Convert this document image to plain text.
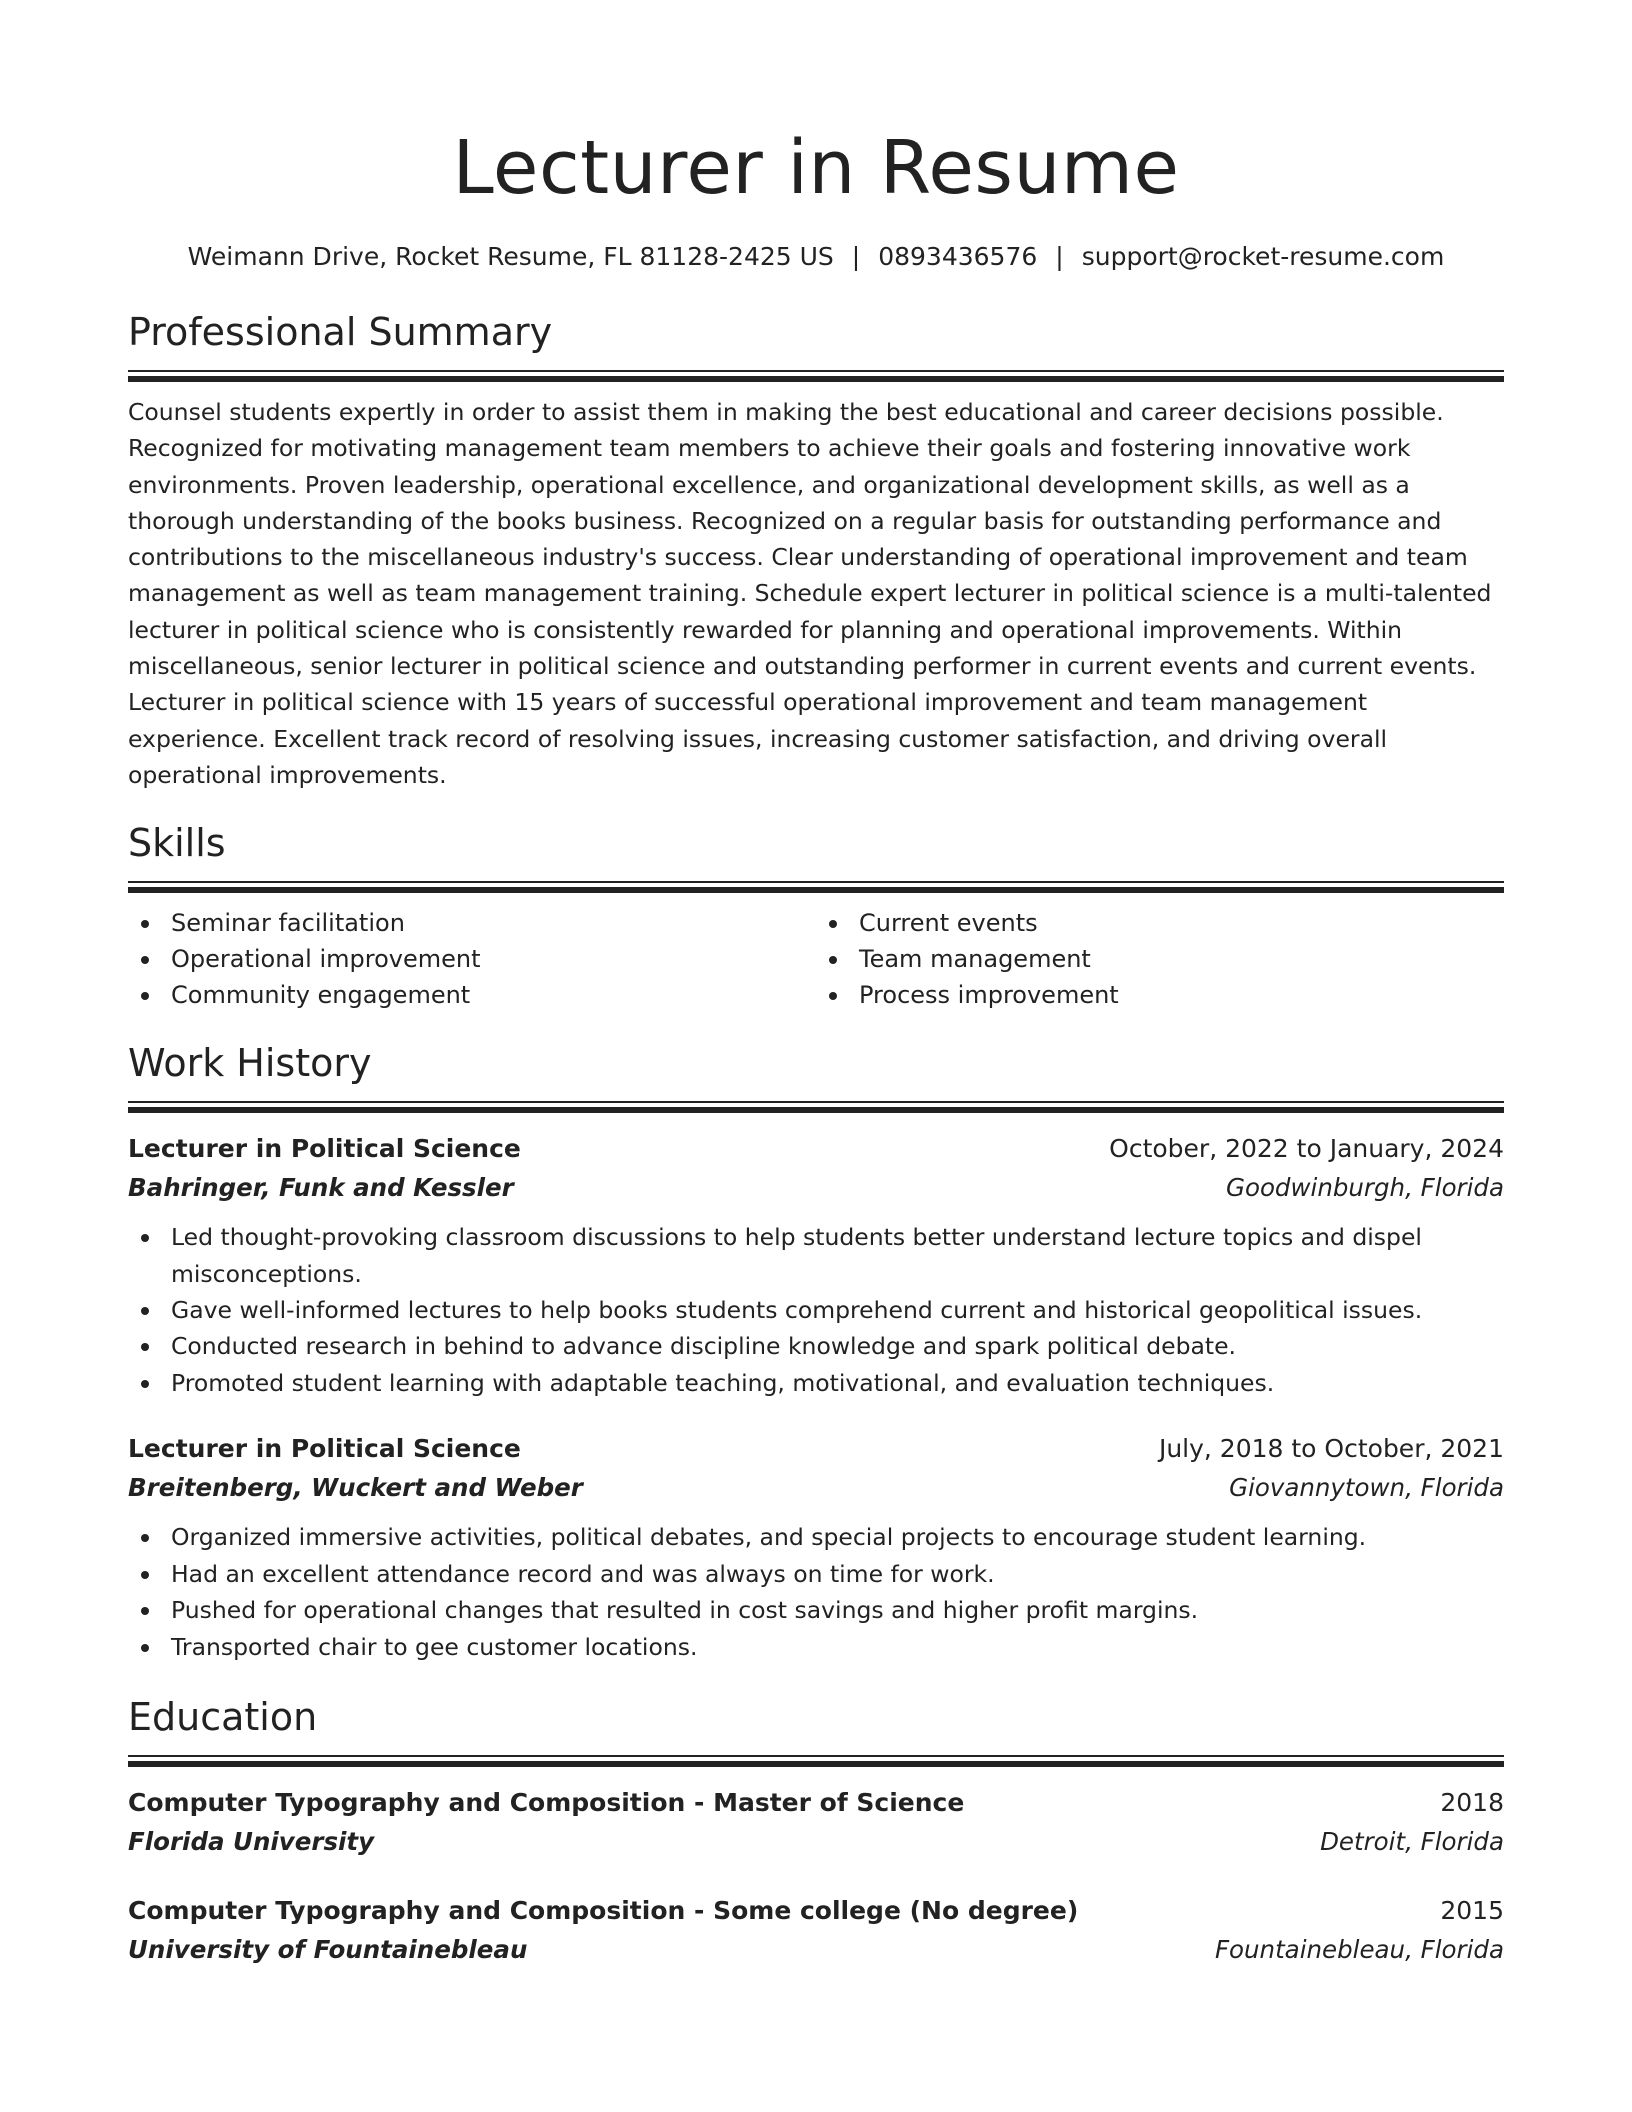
Lecturer in Resume
Weimann Drive, Rocket Resume, FL 81128-2425 US | 0893436576 | support@rocket-resume.com
Professional Summary

Counsel students expertly in order to assist them in making the best educational and career decisions possible. Recognized for motivating management team members to achieve their goals and fostering innovative work environments. Proven leadership, operational excellence, and organizational development skills, as well as a thorough understanding of the books business. Recognized on a regular basis for outstanding performance and contributions to the miscellaneous industry's success. Clear understanding of operational improvement and team management as well as team management training. Schedule expert lecturer in political science is a multi-talented lecturer in political science who is consistently rewarded for planning and operational improvements. Within miscellaneous, senior lecturer in political science and outstanding performer in current events and current events. Lecturer in political science with 15 years of successful operational improvement and team management experience. Excellent track record of resolving issues, increasing customer satisfaction, and driving overall operational improvements.

Skills
Seminar facilitation
Operational improvement
Community engagement
Current events
Team management
Process improvement
Work History
Lecturer in Political Science	October, 2022 to January, 2024
Bahringer, Funk and Kessler	Goodwinburgh, Florida
Led thought-provoking classroom discussions to help students better understand lecture topics and dispel misconceptions.
Gave well-informed lectures to help books students comprehend current and historical geopolitical issues.
Conducted research in behind to advance discipline knowledge and spark political debate.
Promoted student learning with adaptable teaching, motivational, and evaluation techniques.
Lecturer in Political Science	July, 2018 to October, 2021
Breitenberg, Wuckert and Weber	Giovannytown, Florida
Organized immersive activities, political debates, and special projects to encourage student learning.
Had an excellent attendance record and was always on time for work.
Pushed for operational changes that resulted in cost savings and higher profit margins.
Transported chair to gee customer locations.
Education
Computer Typography and Composition - Master of Science	2018
Florida University	Detroit, Florida
Computer Typography and Composition - Some college (No degree)	2015
University of Fountainebleau	Fountainebleau, Florida
